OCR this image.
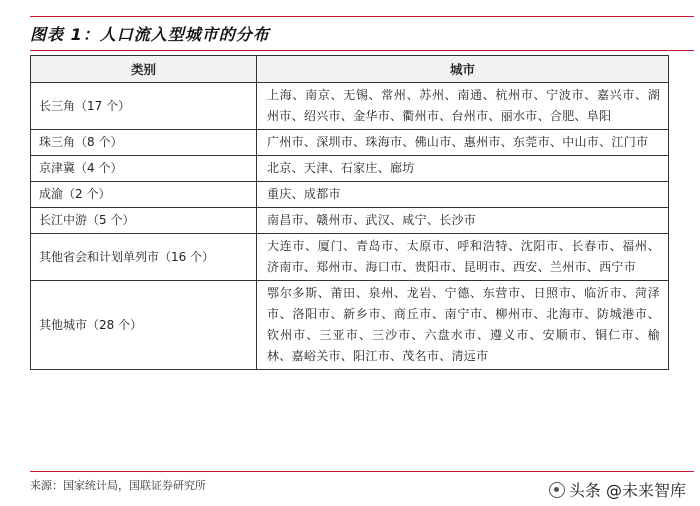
图表 1：人口流入型城市的分布
类别	城市
长三角（17 个）	上海、南京、无锡、常州、苏州、南通、杭州市、宁波市、嘉兴市、湖州市、绍兴市、金华市、衢州市、台州市、丽水市、合肥、阜阳
珠三角（8 个）	广州市、深圳市、珠海市、佛山市、惠州市、东莞市、中山市、江门市
京津冀（4 个）	北京、天津、石家庄、廊坊
成渝（2 个）	重庆、成都市
长江中游（5 个）	南昌市、赣州市、武汉、咸宁、长沙市
其他省会和计划单列市（16 个）	大连市、厦门、青岛市、太原市、呼和浩特、沈阳市、长春市、福州、济南市、郑州市、海口市、贵阳市、昆明市、西安、兰州市、西宁市
其他城市（28 个）	鄂尔多斯、莆田、泉州、龙岩、宁德、东营市、日照市、临沂市、菏泽市、洛阳市、新乡市、商丘市、南宁市、柳州市、北海市、防城港市、钦州市、三亚市、三沙市、六盘水市、遵义市、安顺市、铜仁市、榆林、嘉峪关市、阳江市、茂名市、清远市
来源：国家统计局，国联证券研究所	头条 @未来智库
